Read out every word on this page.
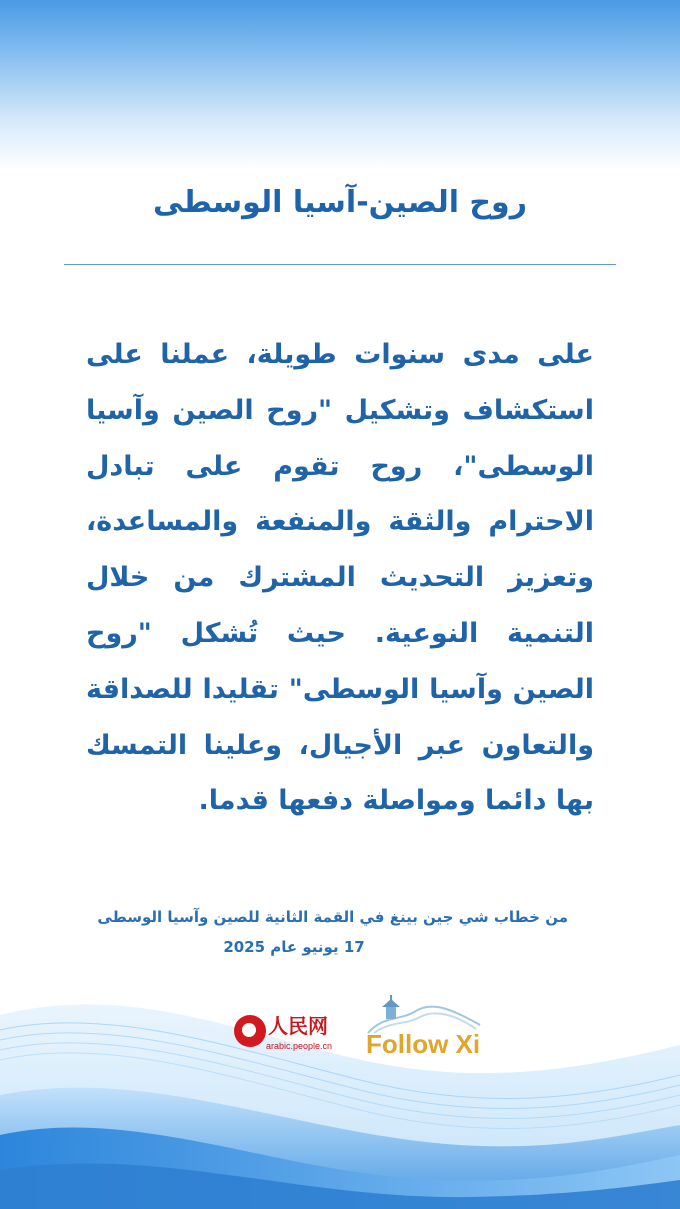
روح الصين-آسيا الوسطى
على مدى سنوات طويلة، عملنا على استكشاف وتشكيل "روح الصين وآسيا الوسطى"، روح تقوم على تبادل الاحترام والثقة والمنفعة والمساعدة، وتعزيز التحديث المشترك من خلال التنمية النوعية. حيث تُشكل "روح الصين وآسيا الوسطى" تقليدا للصداقة والتعاون عبر الأجيال، وعلينا التمسك بها دائما ومواصلة دفعها قدما.
من خطاب شي جين بينغ في القمة الثانية للصين وآسيا الوسطى
17 يونيو عام 2025
人民网
arabic.people.cn Follow Xi
